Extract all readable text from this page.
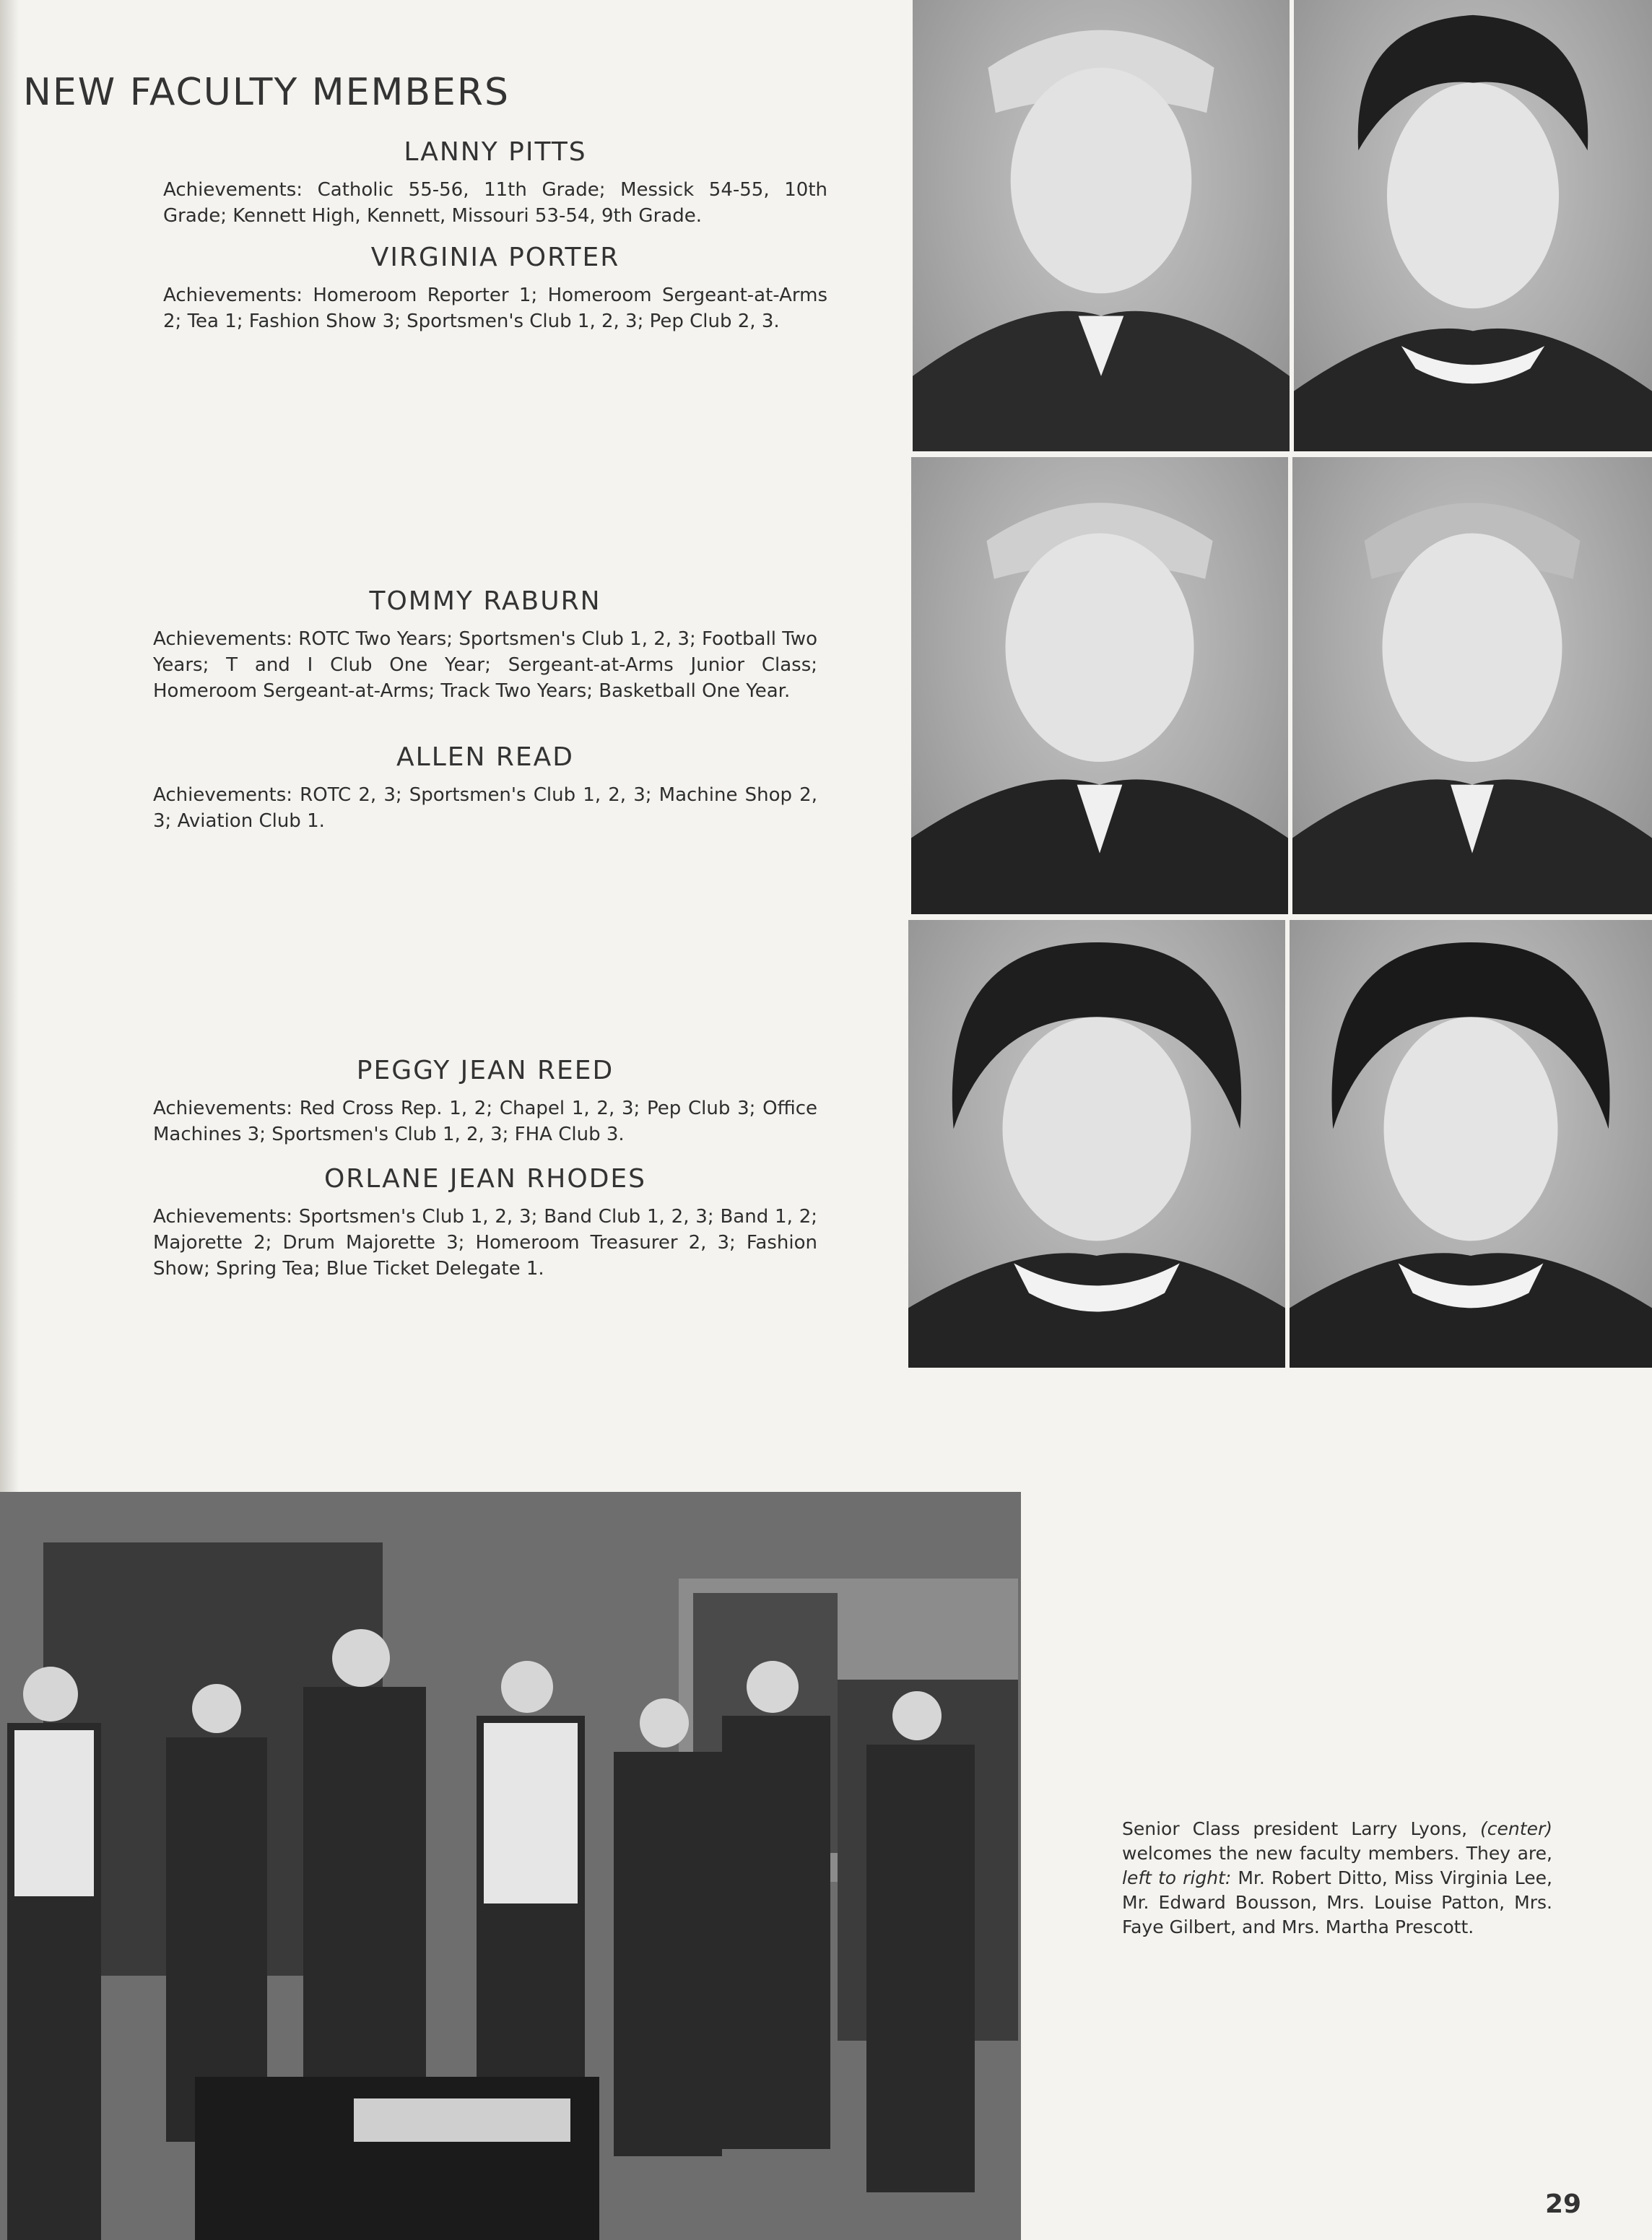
NEW FACULTY MEMBERS

LANNY PITTS

Achievements: Catholic 55-56, 11th Grade; Messick 54-55, 10th Grade; Kennett High, Kennett, Missouri 53-54, 9th Grade.

VIRGINIA PORTER

Achievements: Homeroom Reporter 1; Homeroom Sergeant-at-Arms 2; Tea 1; Fashion Show 3; Sportsmen's Club 1, 2, 3; Pep Club 2, 3.

TOMMY RABURN

Achievements: ROTC Two Years; Sportsmen's Club 1, 2, 3; Football Two Years; T and I Club One Year; Sergeant-at-Arms Junior Class; Homeroom Sergeant-at-Arms; Track Two Years; Basketball One Year.

ALLEN READ

Achievements: ROTC 2, 3; Sportsmen's Club 1, 2, 3; Machine Shop 2, 3; Aviation Club 1.

PEGGY JEAN REED

Achievements: Red Cross Rep. 1, 2; Chapel 1, 2, 3; Pep Club 3; Office Machines 3; Sportsmen's Club 1, 2, 3; FHA Club 3.

ORLANE JEAN RHODES

Achievements: Sportsmen's Club 1, 2, 3; Band Club 1, 2, 3; Band 1, 2; Majorette 2; Drum Majorette 3; Homeroom Treasurer 2, 3; Fashion Show; Spring Tea; Blue Ticket Delegate 1.

Senior Class president Larry Lyons, (center) welcomes the new faculty members. They are, left to right: Mr. Robert Ditto, Miss Virginia Lee, Mr. Edward Bousson, Mrs. Louise Patton, Mrs. Faye Gilbert, and Mrs. Martha Prescott.

29
